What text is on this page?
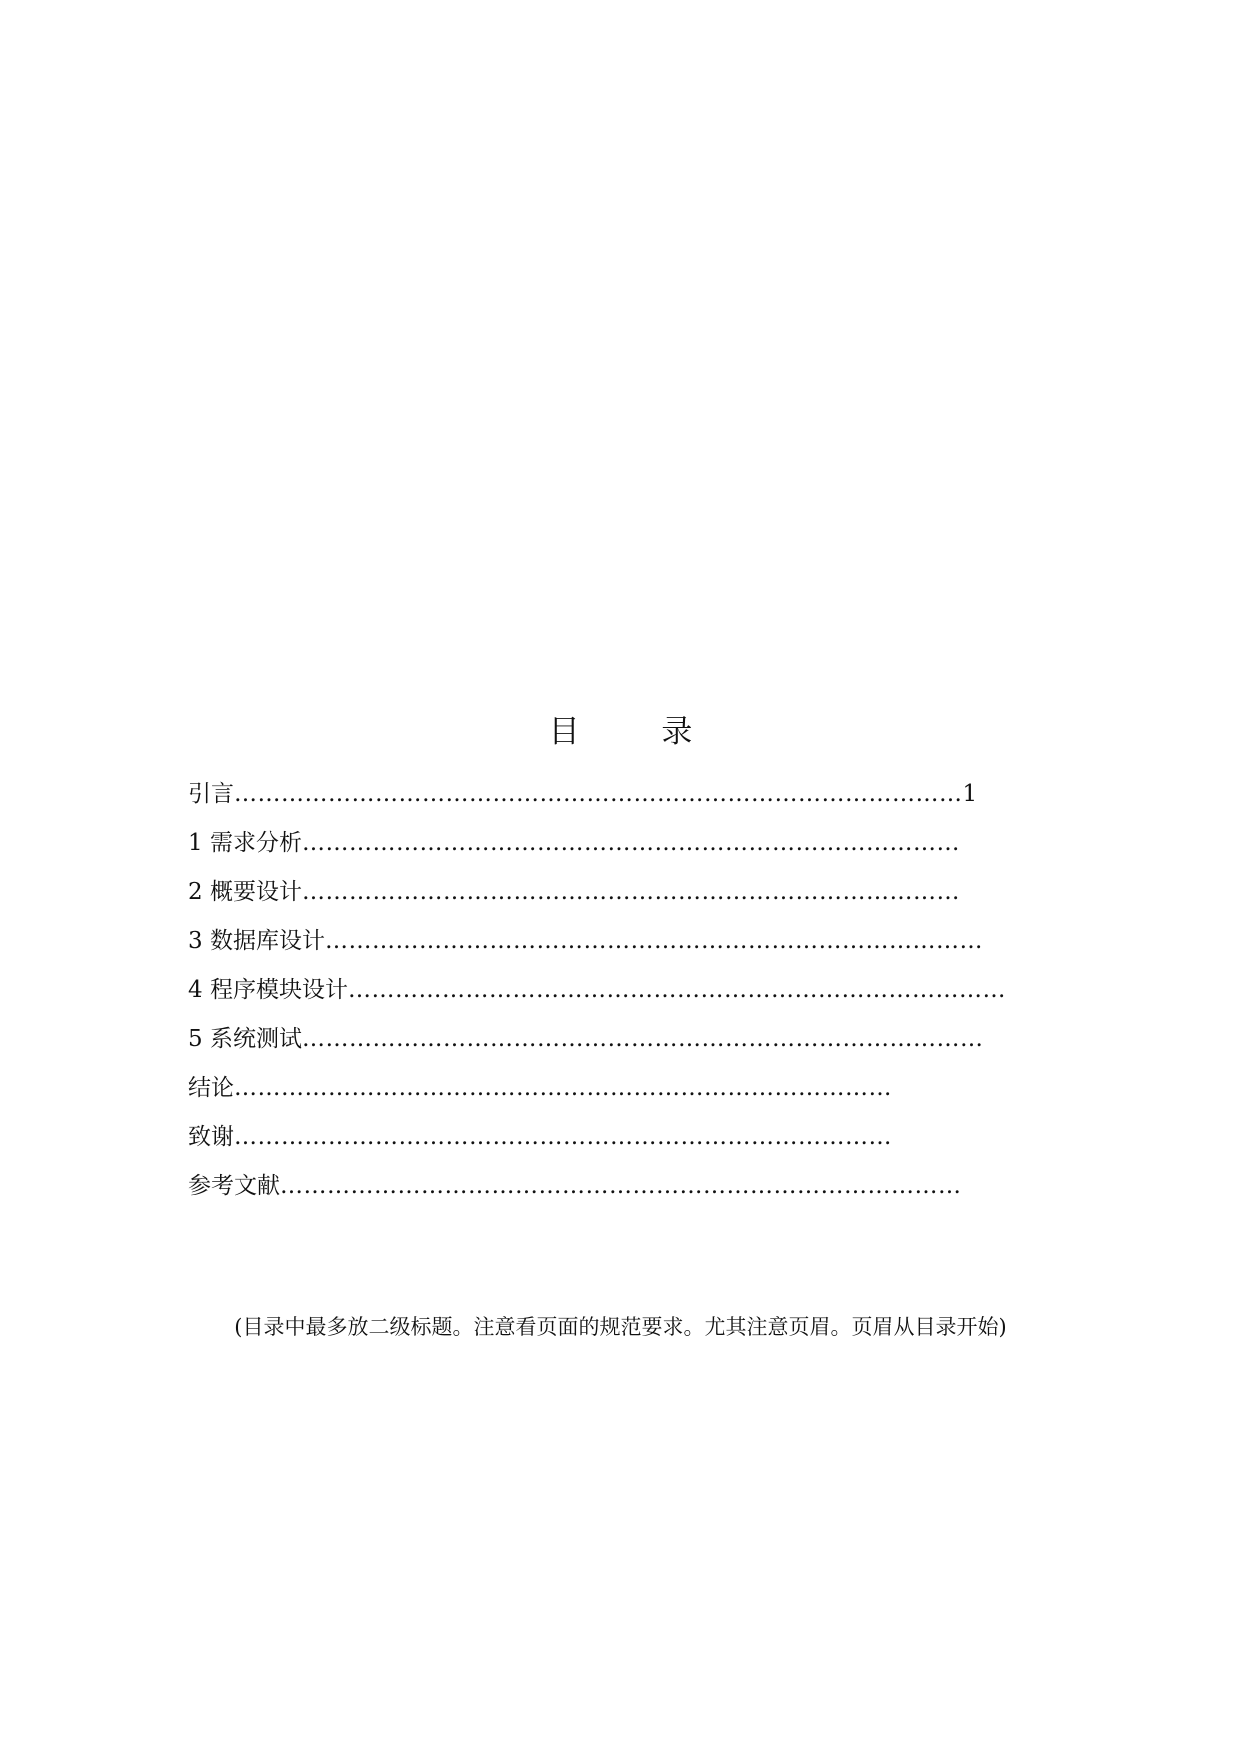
目 录
引言…………………………………………………………………………………1
1 需求分析…………………………………………………………………………
2 概要设计…………………………………………………………………………
3 数据库设计…………………………………………………………………………
4 程序模块设计…………………………………………………………………………
5 系统测试……………………………………………………………………………
结论…………………………………………………………………………
致谢…………………………………………………………………………
参考文献……………………………………………………………………………
(目录中最多放二级标题。注意看页面的规范要求。尤其注意页眉。页眉从目录开始)
